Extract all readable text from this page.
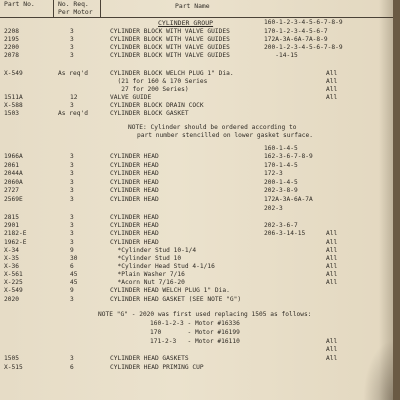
Part No.	No. Req.
Per Motor
Part Name
CYLINDER GROUP	160-1-2-3-4-5-6-7-8-9
2208	3	CYLINDER BLOCK WITH VALVE GUIDES	170-1-2-3-4-5-6-7
2195	3	CYLINDER BLOCK WITH VALVE GUIDES	172A-3A-6A-7A-8-9
2200	3	CYLINDER BLOCK WITH VALVE GUIDES	200-1-2-3-4-5-6-7-8-9
2078	3	CYLINDER BLOCK WITH VALVE GUIDES	-14-15
X-549	As req'd	CYLINDER BLOCK WELCH PLUG 1" Dia.	All
(21 for 160 & 170 Series	All
27 for 200 Series)	All
1511A	12	VALVE GUIDE	All
X-588	3	CYLINDER BLOCK DRAIN COCK
1503	As req'd	CYLINDER BLOCK GASKET
NOTE: Cylinder should be ordered according to
part number stencilled on lower gasket surface.
160-1-4-5
1966A	3	CYLINDER HEAD	162-3-6-7-8-9
2061	3	CYLINDER HEAD	170-1-4-5
2044A	3	CYLINDER HEAD	172-3
2060A	3	CYLINDER HEAD	200-1-4-5
2727	3	CYLINDER HEAD	202-3-8-9
2569E	3	CYLINDER HEAD	172A-3A-6A-7A
202-3
2815	3	CYLINDER HEAD
2901	3	CYLINDER HEAD	202-3-6-7
2182-E	3	CYLINDER HEAD	206-3-14-15	All
1962-E	3	CYLINDER HEAD	All
X-34	9	*Cylinder Stud 10-1/4	All
X-35	30	*Cylinder Stud 10	All
X-36	6	*Cylinder Head Stud 4-1/16	All
X-561	45	*Plain Washer 7/16	All
X-225	45	*Acorn Nut 7/16-20	All
X-549	9	CYLINDER HEAD WELCH PLUG 1" Dia.
2020	3	CYLINDER HEAD GASKET (SEE NOTE "G")
NOTE "G" - 2020 was first used replacing 1505 as follows:
160-1-2-3 - Motor #16336
170       - Motor #16199
171-2-3   - Motor #16110	All
All
1505	3	CYLINDER HEAD GASKETS	All
X-515	6	CYLINDER HEAD PRIMING CUP
